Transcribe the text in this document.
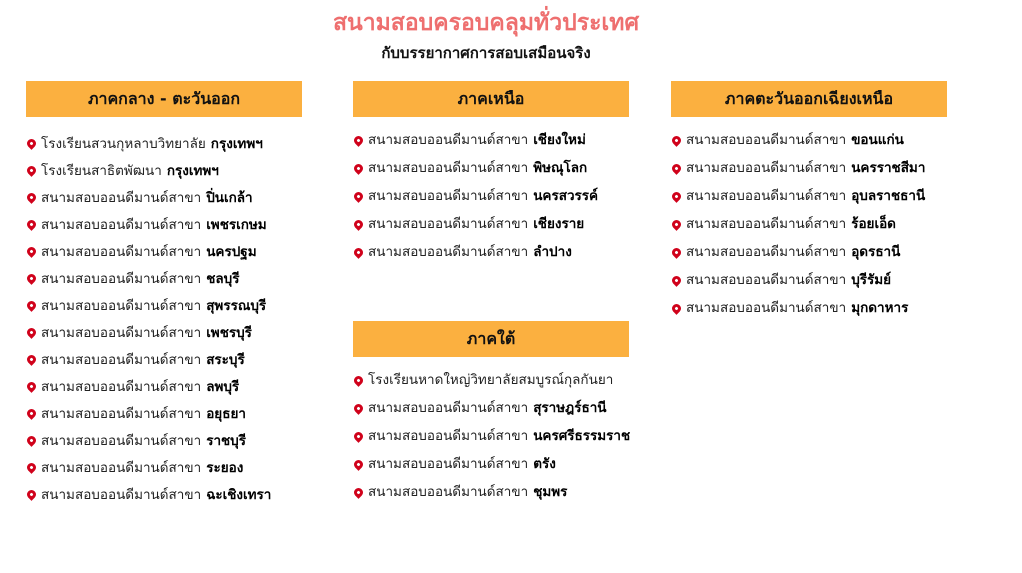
สนามสอบครอบคลุมทั่วประเทศ
กับบรรยากาศการสอบเสมือนจริง
ภาคกลาง - ตะวันออก
โรงเรียนสวนกุหลาบวิทยาลัย กรุงเทพฯ
โรงเรียนสาธิตพัฒนา กรุงเทพฯ
สนามสอบออนดีมานด์สาขา ปิ่นเกล้า
สนามสอบออนดีมานด์สาขา เพชรเกษม
สนามสอบออนดีมานด์สาขา นครปฐม
สนามสอบออนดีมานด์สาขา ชลบุรี
สนามสอบออนดีมานด์สาขา สุพรรณบุรี
สนามสอบออนดีมานด์สาขา เพชรบุรี
สนามสอบออนดีมานด์สาขา สระบุรี
สนามสอบออนดีมานด์สาขา ลพบุรี
สนามสอบออนดีมานด์สาขา อยุธยา
สนามสอบออนดีมานด์สาขา ราชบุรี
สนามสอบออนดีมานด์สาขา ระยอง
สนามสอบออนดีมานด์สาขา ฉะเชิงเทรา
ภาคเหนือ
สนามสอบออนดีมานด์สาขา เชียงใหม่
สนามสอบออนดีมานด์สาขา พิษณุโลก
สนามสอบออนดีมานด์สาขา นครสวรรค์
สนามสอบออนดีมานด์สาขา เชียงราย
สนามสอบออนดีมานด์สาขา ลำปาง
ภาคใต้
โรงเรียนหาดใหญ่วิทยาลัยสมบูรณ์กุลกันยา
สนามสอบออนดีมานด์สาขา สุราษฎร์ธานี
สนามสอบออนดีมานด์สาขา นครศรีธรรมราช
สนามสอบออนดีมานด์สาขา ตรัง
สนามสอบออนดีมานด์สาขา ชุมพร
ภาคตะวันออกเฉียงเหนือ
สนามสอบออนดีมานด์สาขา ขอนแก่น
สนามสอบออนดีมานด์สาขา นครราชสีมา
สนามสอบออนดีมานด์สาขา อุบลราชธานี
สนามสอบออนดีมานด์สาขา ร้อยเอ็ด
สนามสอบออนดีมานด์สาขา อุดรธานี
สนามสอบออนดีมานด์สาขา บุรีรัมย์
สนามสอบออนดีมานด์สาขา มุกดาหาร
